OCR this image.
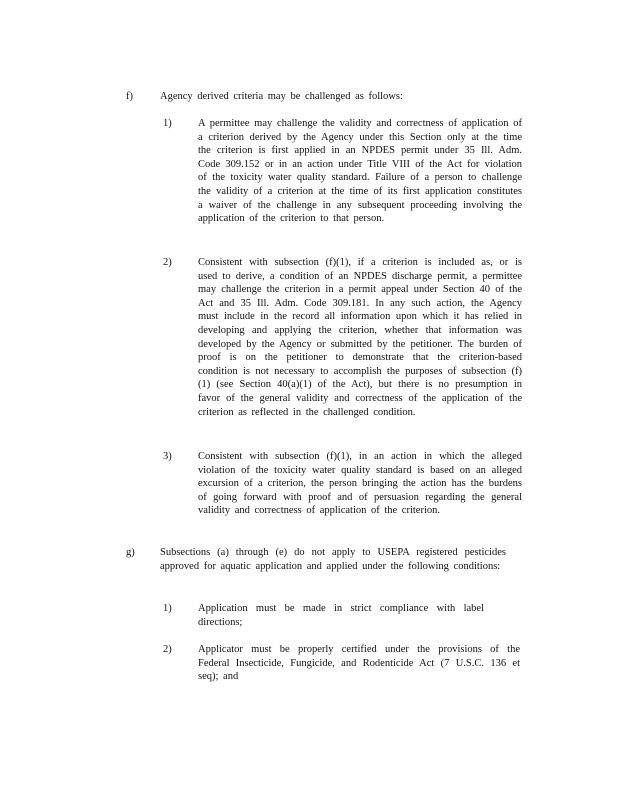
f)	Agency derived criteria may be challenged as follows:
1)	A permittee may challenge the validity and correctness of application of a criterion derived by the Agency under this Section only at the time the criterion is first applied in an NPDES permit under 35 Ill. Adm. Code 309.152 or in an action under Title VIII of the Act for violation of the toxicity water quality standard. Failure of a person to challenge the validity of a criterion at the time of its first application constitutes a waiver of the challenge in any subsequent proceeding involving the application of the criterion to that person.
2)	Consistent with subsection (f)(1), if a criterion is included as, or is used to derive, a condition of an NPDES discharge permit, a permittee may challenge the criterion in a permit appeal under Section 40 of the Act and 35 Ill. Adm. Code 309.181. In any such action, the Agency must include in the record all information upon which it has relied in developing and applying the criterion, whether that information was developed by the Agency or submitted by the petitioner. The burden of proof is on the petitioner to demonstrate that the criterion-based condition is not necessary to accomplish the purposes of subsection (f)(1) (see Section 40(a)(1) of the Act), but there is no presumption in favor of the general validity and correctness of the application of the criterion as reflected in the challenged condition.
3)	Consistent with subsection (f)(1), in an action in which the alleged violation of the toxicity water quality standard is based on an alleged excursion of a criterion, the person bringing the action has the burdens of going forward with proof and of persuasion regarding the general validity and correctness of application of the criterion.
g) Subsections (a) through (e) do not apply to USEPA registered pesticides approved for aquatic application and applied under the following conditions:
1)	Application must be made in strict compliance with label directions;
2)	Applicator must be properly certified under the provisions of the Federal Insecticide, Fungicide, and Rodenticide Act (7 U.S.C. 136 et seq); and
